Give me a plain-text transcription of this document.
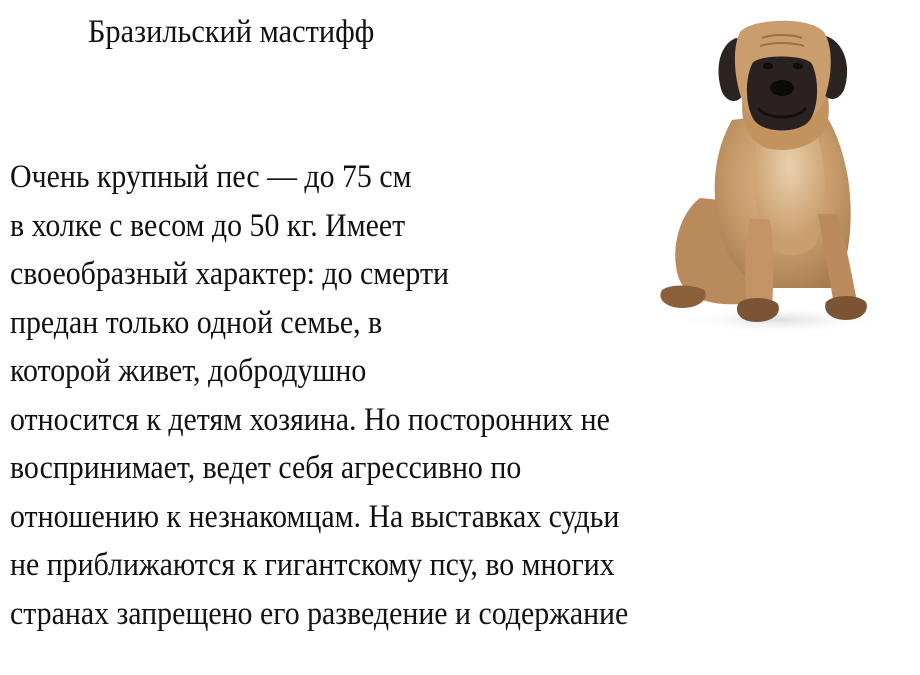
Бразильский мастифф
Очень крупный пес — до 75 см
в холке с весом до 50 кг. Имеет
своеобразный характер: до смерти
предан только одной семье, в
которой живет, добродушно
относится к детям хозяина. Но посторонних не
воспринимает, ведет себя агрессивно по
отношению к незнакомцам. На выставках судьи
не приближаются к гигантскому псу, во многих
странах запрещено его разведение и содержание
